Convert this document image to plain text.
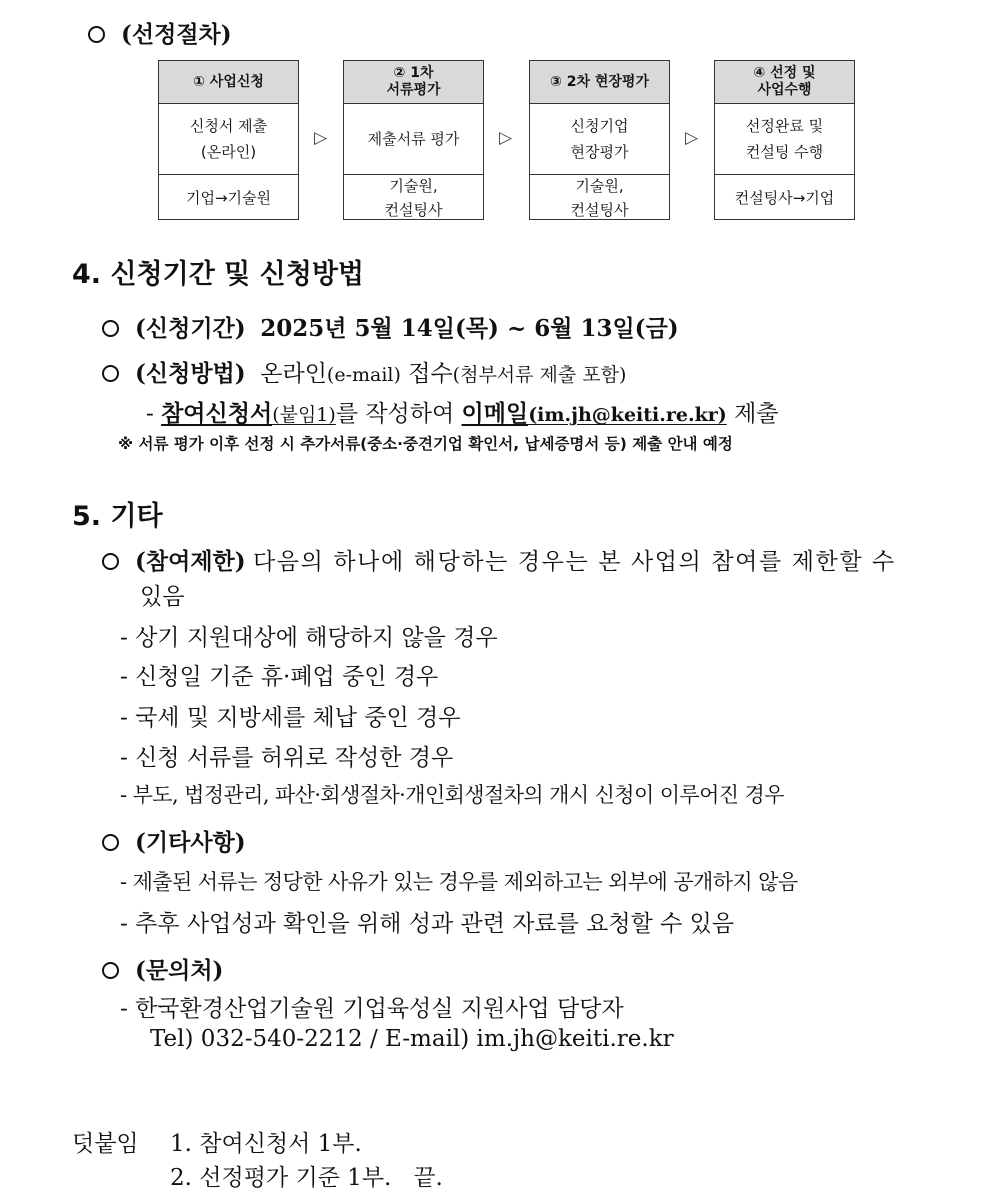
(선정절차)
① 사업신청
신청서 제출
(온라인)
기업→기술원
▷
② 1차
서류평가
제출서류 평가
기술원,
컨설팅사
▷
③ 2차 현장평가
신청기업
현장평가
기술원,
컨설팅사
▷
④ 선정 및
사업수행
선정완료 및
컨설팅 수행
컨설팅사→기업
4. 신청기간 및 신청방법
(신청기간) 2025년 5월 14일(목) ~ 6월 13일(금)
(신청방법) 온라인(e-mail) 접수(첨부서류 제출 포함)
- 참여신청서(붙임1)를 작성하여 이메일(im.jh@keiti.re.kr) 제출
※ 서류 평가 이후 선정 시 추가서류(중소·중견기업 확인서, 납세증명서 등) 제출 안내 예정
5. 기타
(참여제한) 다음의 하나에 해당하는 경우는 본 사업의 참여를 제한할 수
있음
- 상기 지원대상에 해당하지 않을 경우
- 신청일 기준 휴·폐업 중인 경우
- 국세 및 지방세를 체납 중인 경우
- 신청 서류를 허위로 작성한 경우
- 부도, 법정관리, 파산·회생절차·개인회생절차의 개시 신청이 이루어진 경우
(기타사항)
- 제출된 서류는 정당한 사유가 있는 경우를 제외하고는 외부에 공개하지 않음
- 추후 사업성과 확인을 위해 성과 관련 자료를 요청할 수 있음
(문의처)
- 한국환경산업기술원 기업육성실 지원사업 담당자
Tel) 032-540-2212 / E-mail) im.jh@keiti.re.kr
덧붙임 1. 참여신청서 1부.
2. 선정평가 기준 1부.   끝.
